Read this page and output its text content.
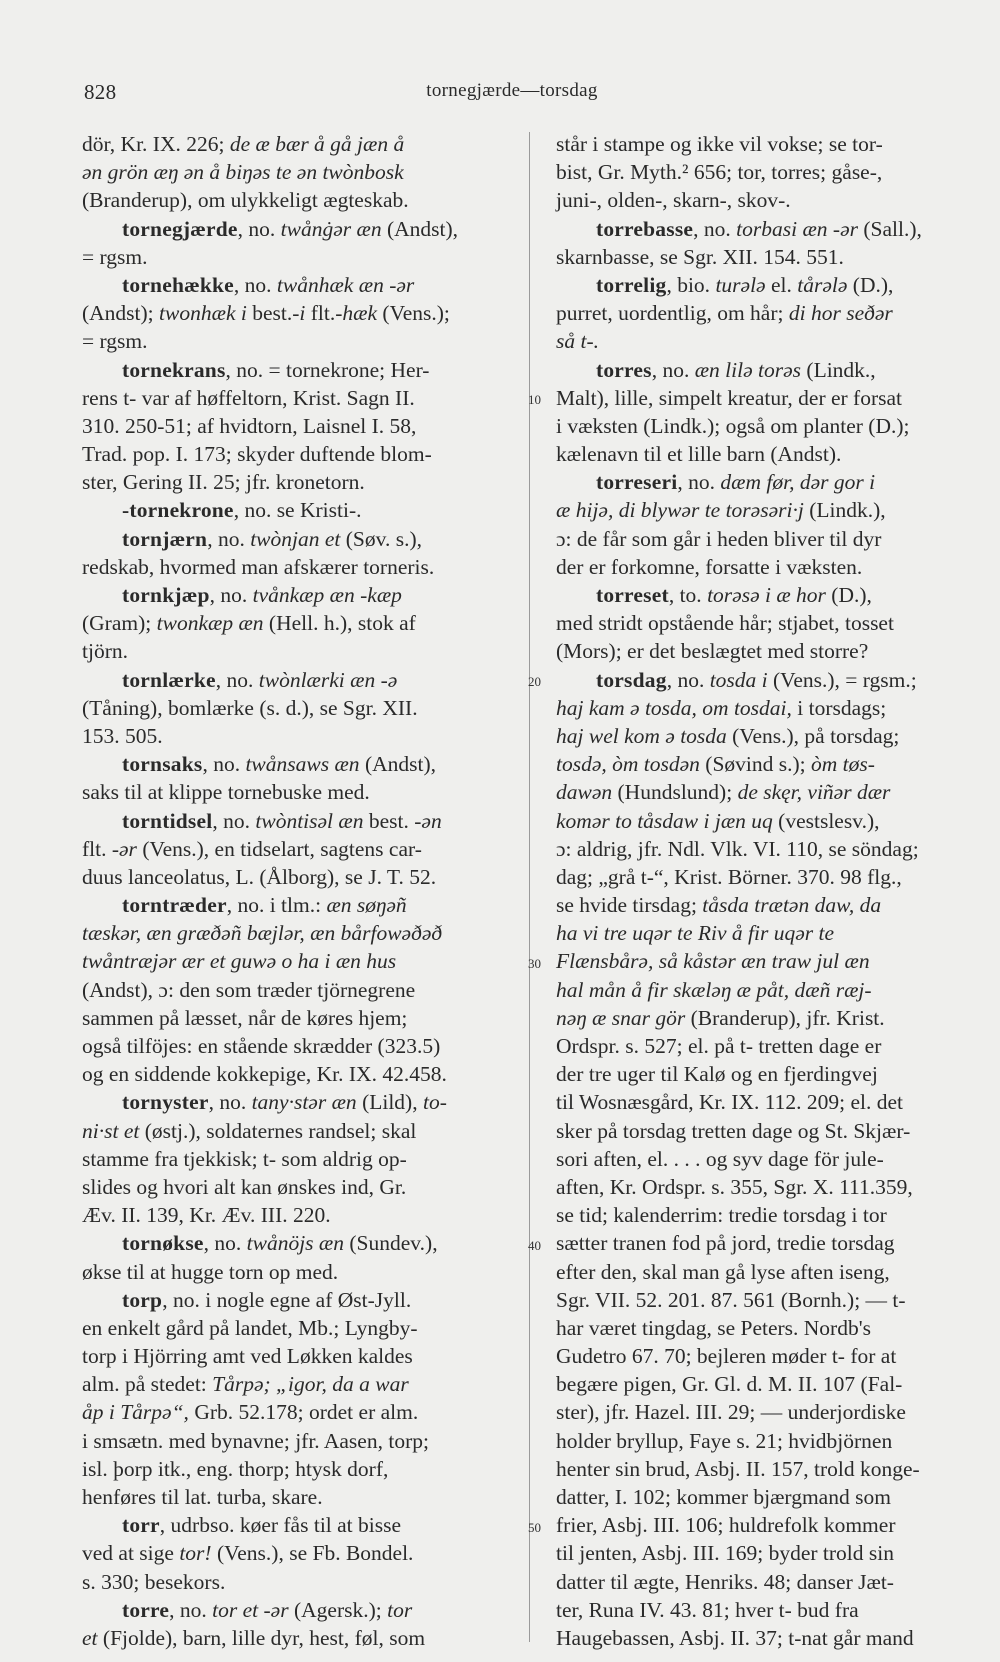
828	tornegjærde—torsdag
dör, Kr. IX. 226; de æ bær å gå jæn å
ən grön æŋ ən å biŋəs te ən twònbosk
(Branderup), om ulykkeligt ægteskab.
tornegjærde, no. twånġər æn (Andst),
= rgsm.
tornehække, no. twånhæk æn -ər
(Andst); twonhæk i best.-i flt.-hæk (Vens.);
= rgsm.
tornekrans, no. = tornekrone; Her-
rens t- var af høffeltorn, Krist. Sagn II.
310. 250-51; af hvidtorn, Laisnel I. 58,
Trad. pop. I. 173; skyder duftende blom-
ster, Gering II. 25; jfr. kronetorn.
-tornekrone, no. se Kristi-.
tornjærn, no. twònjan et (Søv. s.),
redskab, hvormed man afskærer torneris.
tornkjæp, no. tvånkæp æn -kæp
(Gram); twonkæp æn (Hell. h.), stok af
tjörn.
tornlærke, no. twònlærki æn -ə
(Tåning), bomlærke (s. d.), se Sgr. XII.
153. 505.
tornsaks, no. twånsaws æn (Andst),
saks til at klippe tornebuske med.
torntidsel, no. twòntisəl æn best. -ən
flt. -ər (Vens.), en tidselart, sagtens car-
duus lanceolatus, L. (Ålborg), se J. T. 52.
torntræder, no. i tlm.: æn søŋəñ
tæskər, æn græðəñ bæjlər, æn bårfowəðəð
twåntræjər ær et guwə o ha i æn hus
(Andst), ɔ: den som træder tjörnegrene
sammen på læsset, når de køres hjem;
også tilföjes: en stående skrædder (323.5)
og en siddende kokkepige, Kr. IX. 42.458.
tornyster, no. tany·stər æn (Lild), to-
ni·st et (østj.), soldaternes randsel; skal
stamme fra tjekkisk; t- som aldrig op-
slides og hvori alt kan ønskes ind, Gr.
Æv. II. 139, Kr. Æv. III. 220.
tornøkse, no. twånöjs æn (Sundev.),
økse til at hugge torn op med.
torp, no. i nogle egne af Øst-Jyll.
en enkelt gård på landet, Mb.; Lyngby-
torp i Hjörring amt ved Løkken kaldes
alm. på stedet: Tårpə; „igor, da a war
åp i Tårpə“, Grb. 52.178; ordet er alm.
i smsætn. med bynavne; jfr. Aasen, torp;
isl. þorp itk., eng. thorp; htysk dorf,
henføres til lat. turba, skare.
torr, udrbso. køer fås til at bisse
ved at sige tor! (Vens.), se Fb. Bondel.
s. 330; besekors.
torre, no. tor et -ər (Agersk.); tor
et (Fjolde), barn, lille dyr, hest, føl, som
står i stampe og ikke vil vokse; se tor-
bist, Gr. Myth.² 656; tor, torres; gåse-,
juni-, olden-, skarn-, skov-.
torrebasse, no. torbasi æn -ər (Sall.),
skarnbasse, se Sgr. XII. 154. 551.
torrelig, bio. turələ el. tårələ (D.),
purret, uordentlig, om hår; di hor seðər
så t-.
torres, no. æn lilə torəs (Lindk.,
Malt), lille, simpelt kreatur, der er forsat
i væksten (Lindk.); også om planter (D.);
kælenavn til et lille barn (Andst).
torreseri, no. dæm før, dər gor i
æ hijə, di blywər te torəsəri·j (Lindk.),
ɔ: de får som går i heden bliver til dyr
der er forkomne, forsatte i væksten.
torreset, to. torəsə i æ hor (D.),
med stridt opstående hår; stjabet, tosset
(Mors); er det beslægtet med storre?
torsdag, no. tosda i (Vens.), = rgsm.;
haj kam ə tosda, om tosdai, i torsdags;
haj wel kom ə tosda (Vens.), på torsdag;
tosdə, òm tosdən (Søvind s.); òm tøs-
dawən (Hundslund); de skęr, viñər dær
komər to tåsdaw i jæn uq (vestslesv.),
ɔ: aldrig, jfr. Ndl. Vlk. VI. 110, se söndag;
dag; „grå t-“, Krist. Börner. 370. 98 flg.,
se hvide tirsdag; tåsda trætən daw, da
ha vi tre uqər te Riv å fir uqər te
Flænsbårə, så kåstər æn traw jul æn
hal mån å fir skæləŋ æ påt, dæñ ræj-
nəŋ æ snar gör (Branderup), jfr. Krist.
Ordspr. s. 527; el. på t- tretten dage er
der tre uger til Kalø og en fjerdingvej
til Wosnæsgård, Kr. IX. 112. 209; el. det
sker på torsdag tretten dage og St. Skjær-
sori aften, el. . . . og syv dage för jule-
aften, Kr. Ordspr. s. 355, Sgr. X. 111.359,
se tid; kalenderrim: tredie torsdag i tor
sætter tranen fod på jord, tredie torsdag
efter den, skal man gå lyse aften iseng,
Sgr. VII. 52. 201. 87. 561 (Bornh.); — t-
har været tingdag, se Peters. Nordb's
Gudetro 67. 70; bejleren møder t- for at
begære pigen, Gr. Gl. d. M. II. 107 (Fal-
ster), jfr. Hazel. III. 29; — underjordiske
holder bryllup, Faye s. 21; hvidbjörnen
henter sin brud, Asbj. II. 157, trold konge-
datter, I. 102; kommer bjærgmand som
frier, Asbj. III. 106; huldrefolk kommer
til jenten, Asbj. III. 169; byder trold sin
datter til ægte, Henriks. 48; danser Jæt-
ter, Runa IV. 43. 81; hver t- bud fra
Haugebassen, Asbj. II. 37; t-nat går mand
10
20
30
40
50
